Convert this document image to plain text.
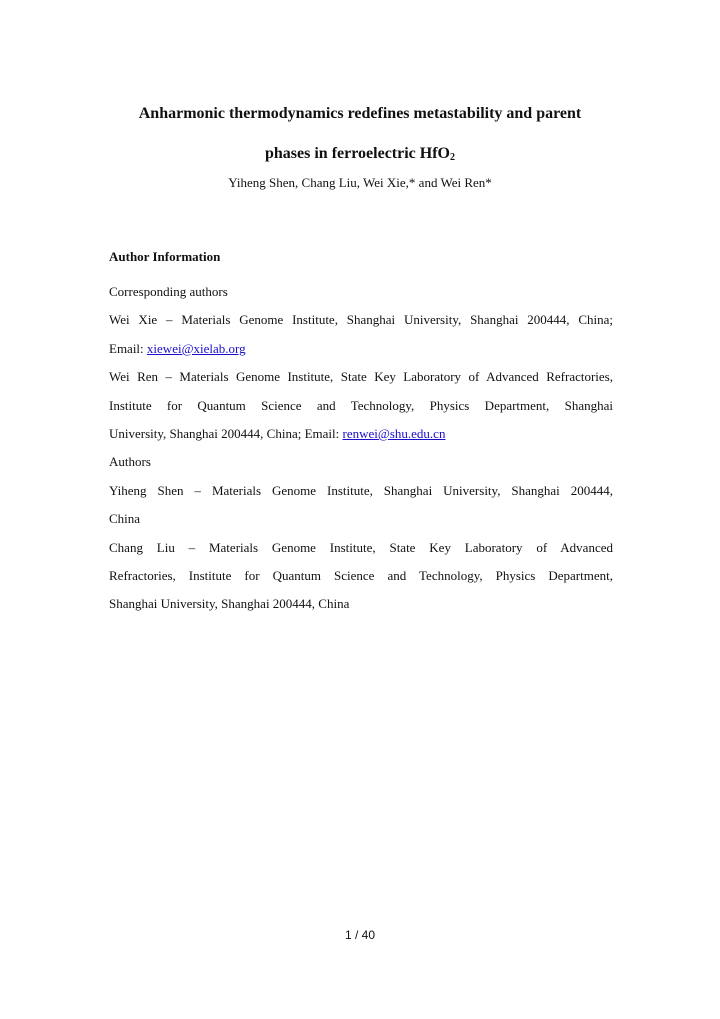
Anharmonic thermodynamics redefines metastability and parent
phases in ferroelectric HfO$_2$
Yiheng Shen, Chang Liu, Wei Xie,* and Wei Ren*
Author Information
Corresponding authors
Wei Xie – Materials Genome Institute, Shanghai University, Shanghai 200444, China;
Email: xiewei@xielab.org
Wei Ren – Materials Genome Institute, State Key Laboratory of Advanced Refractories,
Institute for Quantum Science and Technology, Physics Department, Shanghai
University, Shanghai 200444, China; Email: renwei@shu.edu.cn
Authors
Yiheng Shen – Materials Genome Institute, Shanghai University, Shanghai 200444,
China
Chang Liu – Materials Genome Institute, State Key Laboratory of Advanced
Refractories, Institute for Quantum Science and Technology, Physics Department,
Shanghai University, Shanghai 200444, China
1 / 40
